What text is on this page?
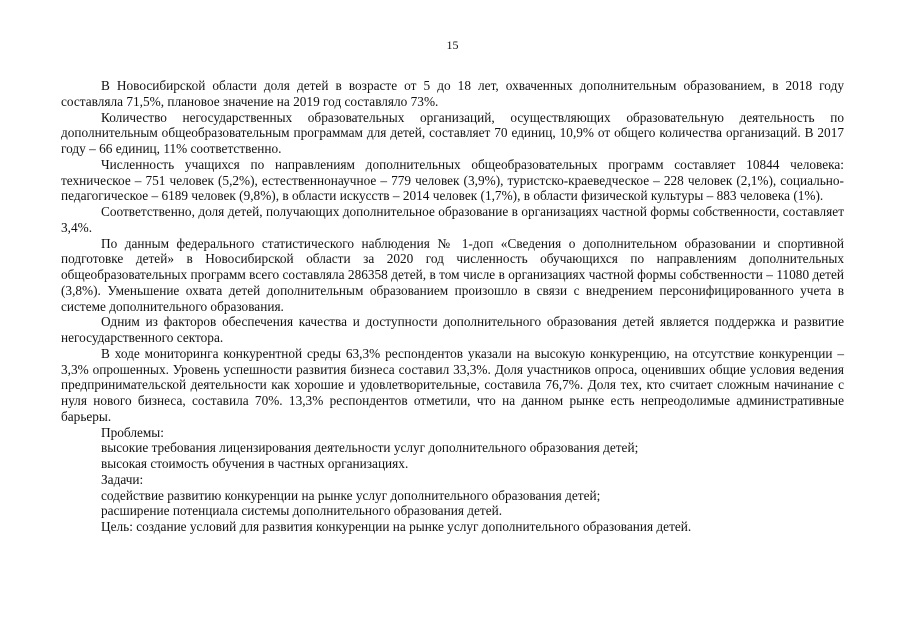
15

В Новосибирской области доля детей в возрасте от 5 до 18 лет, охваченных дополнительным образованием, в 2018 году составляла 71,5%, плановое значение на 2019 год составляло 73%.

Количество негосударственных образовательных организаций, осуществляющих образовательную деятельность по дополнительным общеобразовательным программам для детей, составляет 70 единиц, 10,9% от общего количества организаций. В 2017 году – 66 единиц, 11% соответственно.

Численность учащихся по направлениям дополнительных общеобразовательных программ составляет 10844 человека: техническое – 751 человек (5,2%), естественнонаучное – 779 человек (3,9%), туристско-краеведческое – 228 человек (2,1%), социально-педагогическое – 6189 человек (9,8%), в области искусств – 2014 человек (1,7%), в области физической культуры – 883 человека (1%).

Соответственно, доля детей, получающих дополнительное образование в организациях частной формы собственности, составляет 3,4%.

По данным федерального статистического наблюдения № 1-доп «Сведения о дополнительном образовании и спортивной подготовке детей» в Новосибирской области за 2020 год численность обучающихся по направлениям дополнительных общеобразовательных программ всего составляла 286358 детей, в том числе в организациях частной формы собственности – 11080 детей (3,8%). Уменьшение охвата детей дополнительным образованием произошло в связи с внедрением персонифицированного учета в системе дополнительного образования.

Одним из факторов обеспечения качества и доступности дополнительного образования детей является поддержка и развитие негосударственного сектора.

В ходе мониторинга конкурентной среды 63,3% респондентов указали на высокую конкуренцию, на отсутствие конкуренции – 3,3% опрошенных. Уровень успешности развития бизнеса составил 33,3%. Доля участников опроса, оценивших общие условия ведения предпринимательской деятельности как хорошие и удовлетворительные, составила 76,7%. Доля тех, кто считает сложным начинание с нуля нового бизнеса, составила 70%. 13,3% респондентов отметили, что на данном рынке есть непреодолимые административные барьеры.

Проблемы:

высокие требования лицензирования деятельности услуг дополнительного образования детей;

высокая стоимость обучения в частных организациях.

Задачи:

содействие развитию конкуренции на рынке услуг дополнительного образования детей;

расширение потенциала системы дополнительного образования детей.

Цель: создание условий для развития конкуренции на рынке услуг дополнительного образования детей.
